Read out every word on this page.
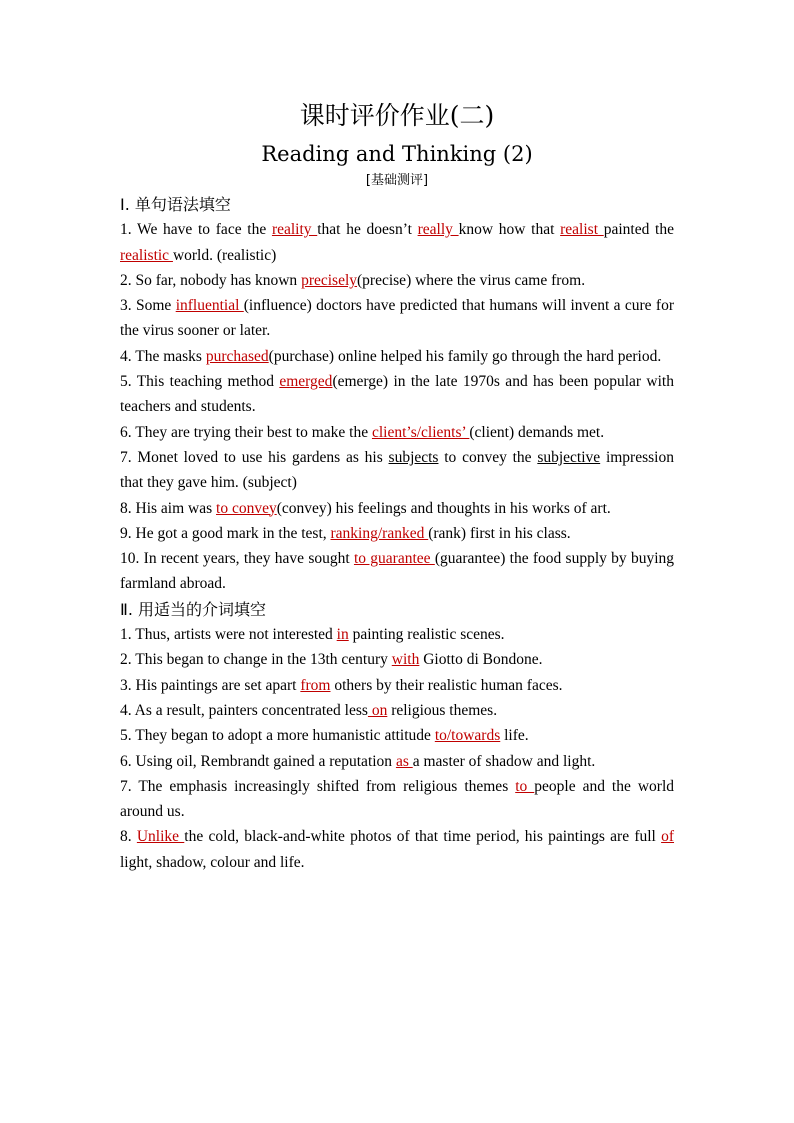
课时评价作业(二)
Reading and Thinking (2)
[基础测评]
Ⅰ. 单句语法填空

1. We have to face the reality that he doesn’t really know how that realist painted the realistic world. (realistic)

2. So far, nobody has known precisely(precise) where the virus came from.

3. Some influential (influence) doctors have predicted that humans will invent a cure for the virus sooner or later.

4. The masks purchased(purchase) online helped his family go through the hard period.

5. This teaching method emerged(emerge) in the late 1970s and has been popular with teachers and students.

6. They are trying their best to make the client’s/clients’ (client) demands met.

7. Monet loved to use his gardens as his subjects to convey the subjective impression that they gave him. (subject)

8. His aim was to convey(convey) his feelings and thoughts in his works of art.

9. He got a good mark in the test, ranking/ranked (rank) first in his class.

10. In recent years, they have sought to guarantee (guarantee) the food supply by buying farmland abroad.

Ⅱ. 用适当的介词填空

1. Thus, artists were not interested in painting realistic scenes.

2. This began to change in the 13th century with Giotto di Bondone.

3. His paintings are set apart from others by their realistic human faces.

4. As a result, painters concentrated less on religious themes.

5. They began to adopt a more humanistic attitude to/towards life.

6. Using oil, Rembrandt gained a reputation as a master of shadow and light.

7. The emphasis increasingly shifted from religious themes to people and the world around us.

8. Unlike the cold, black-and-white photos of that time period, his paintings are full of light, shadow, colour and life.
